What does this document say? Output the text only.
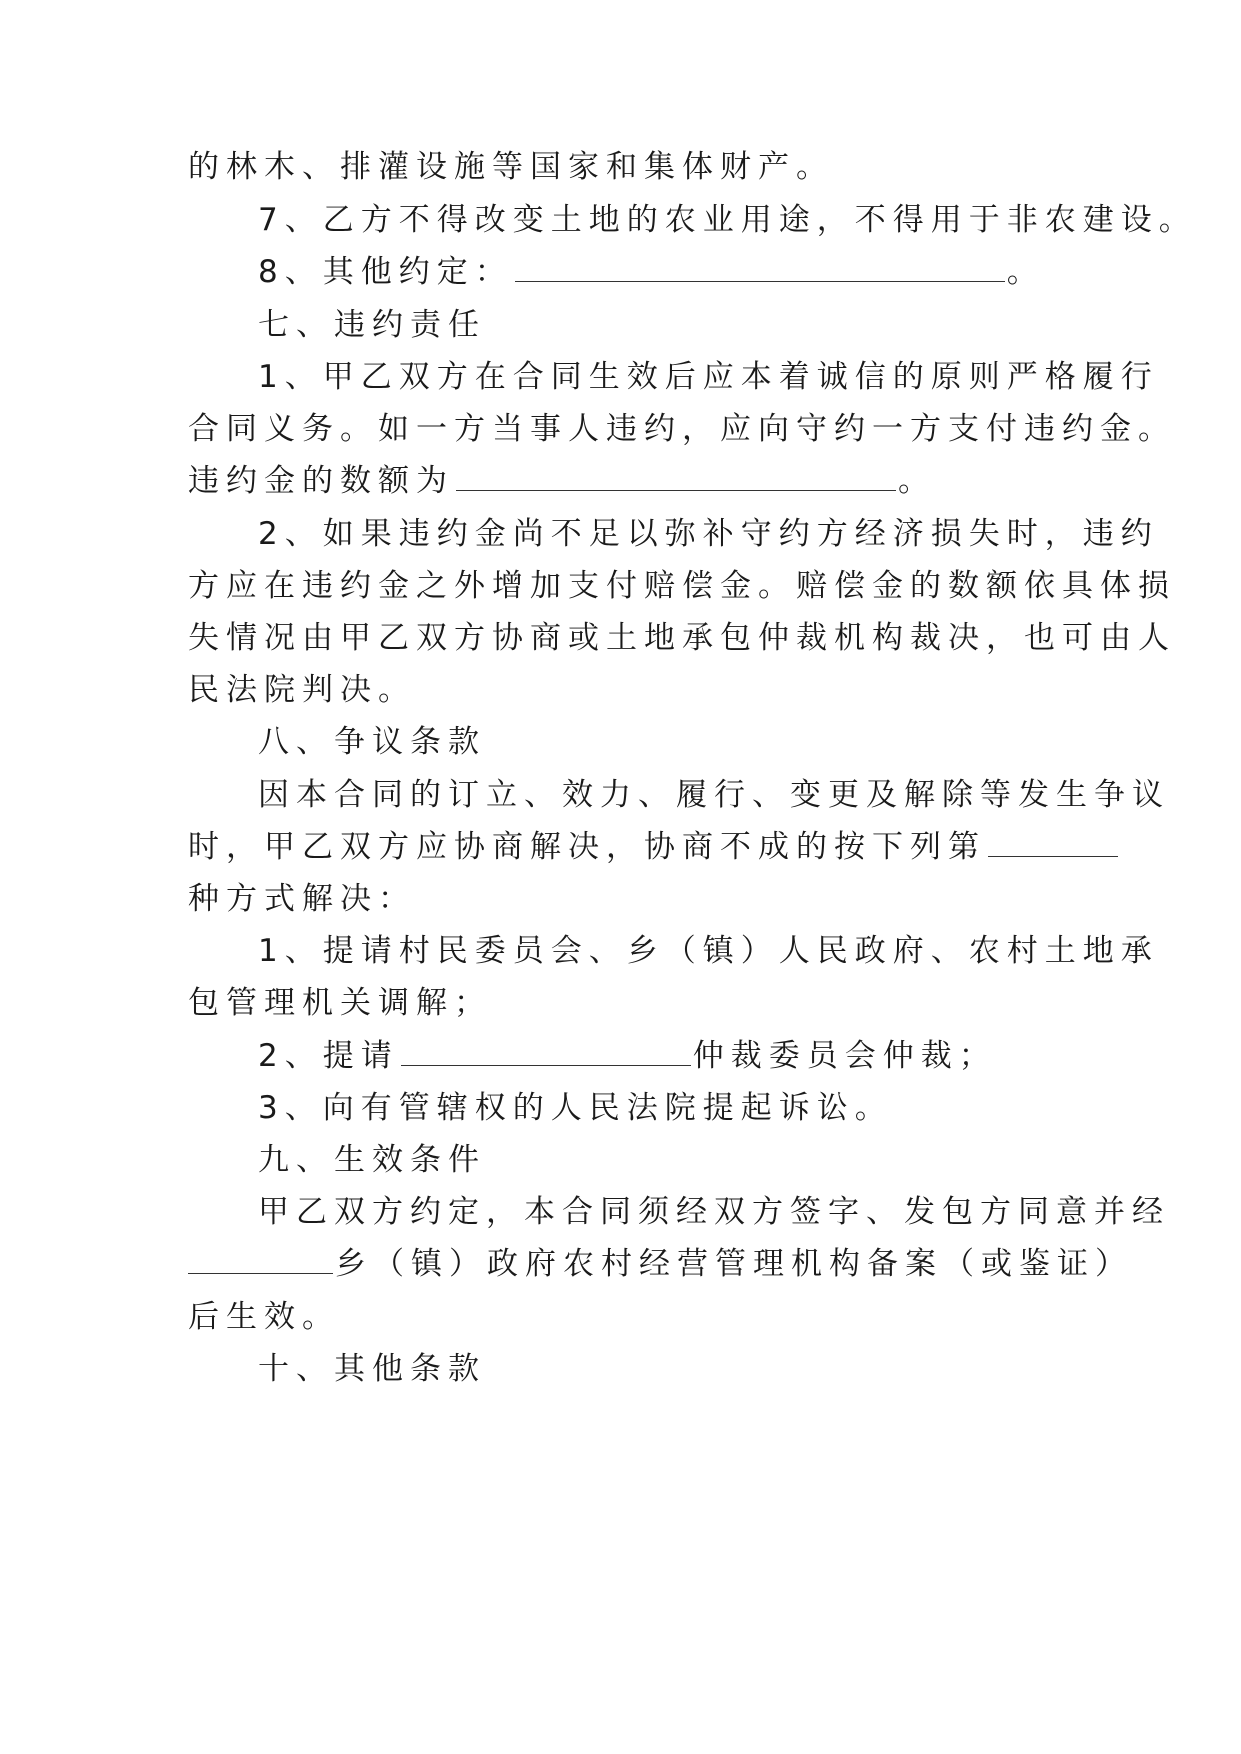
的林木、排灌设施等国家和集体财产。
7、乙方不得改变土地的农业用途，不得用于非农建设。
8、其他约定：	。
七、违约责任
1、甲乙双方在合同生效后应本着诚信的原则严格履行
合同义务。如一方当事人违约，应向守约一方支付违约金。
违约金的数额为	。
2、如果违约金尚不足以弥补守约方经济损失时，违约
方应在违约金之外增加支付赔偿金。赔偿金的数额依具体损
失情况由甲乙双方协商或土地承包仲裁机构裁决，也可由人
民法院判决。
八、争议条款
因本合同的订立、效力、履行、变更及解除等发生争议
时，甲乙双方应协商解决，协商不成的按下列第
种方式解决：
1、提请村民委员会、乡（镇）人民政府、农村土地承
包管理机关调解；
2、提请	仲裁委员会仲裁；
3、向有管辖权的人民法院提起诉讼。
九、生效条件
甲乙双方约定，本合同须经双方签字、发包方同意并经
乡（镇）政府农村经营管理机构备案（或鉴证）
后生效。
十、其他条款
